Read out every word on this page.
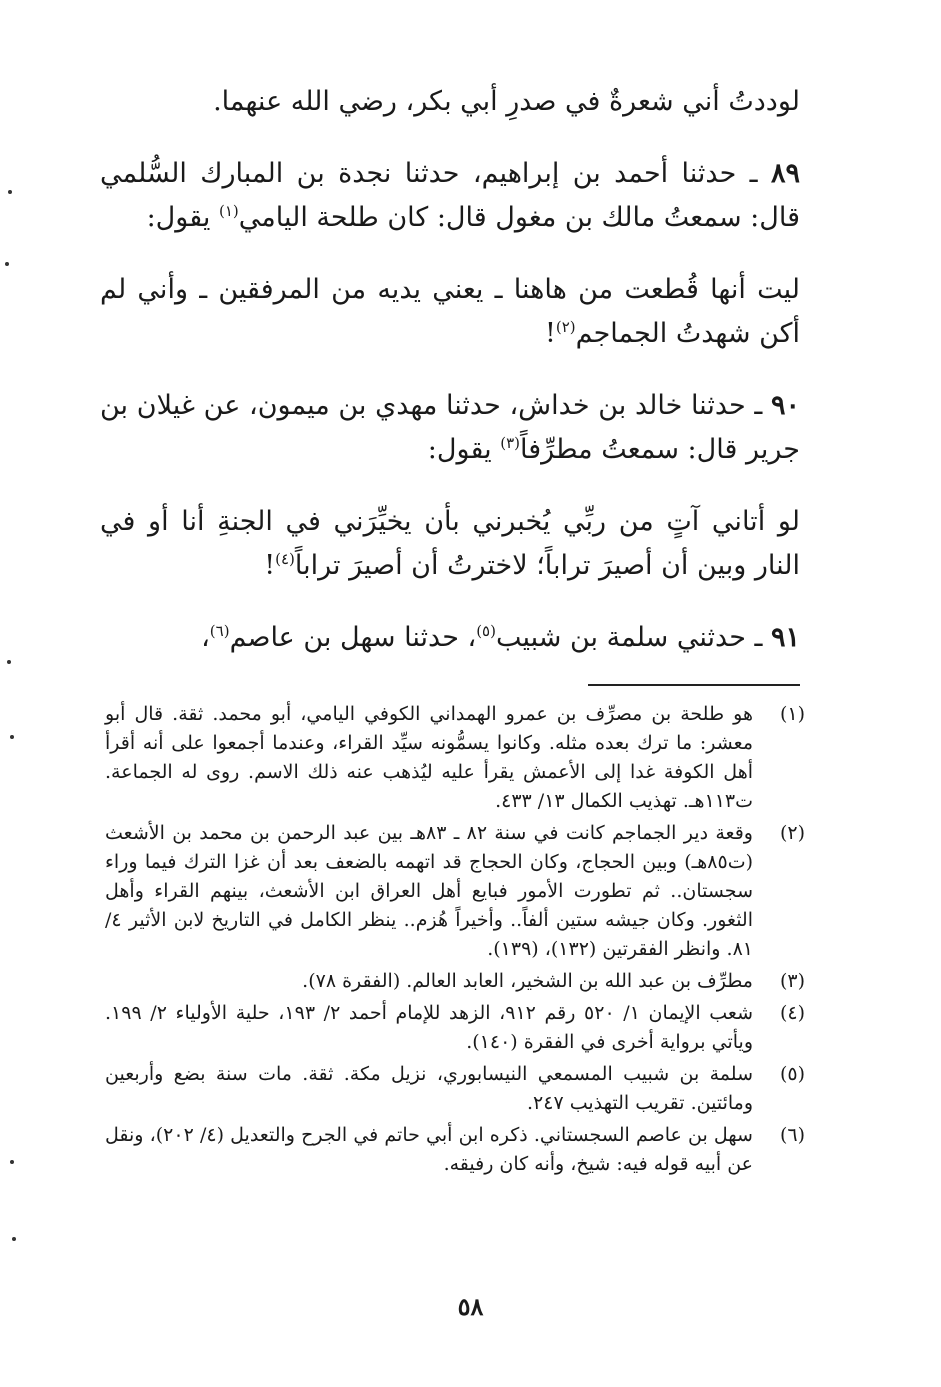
لوددتُ أني شعرةٌ في صدرِ أبي بكر، رضي الله عنهما.

٨٩ ـ حدثنا أحمد بن إبراهيم، حدثنا نجدة بن المبارك السُّلمي قال: سمعتُ مالك بن مغول قال: كان طلحة اليامي$^{(١)}$ يقول:

ليت أنها قُطعت من هاهنا ـ يعني يديه من المرفقين ـ وأني لم أكن شهدتُ الجماجم$^{(٢)}$!

٩٠ ـ حدثنا خالد بن خداش، حدثنا مهدي بن ميمون، عن غيلان بن جرير قال: سمعتُ مطرِّفاً$^{(٣)}$ يقول:

لو أتاني آتٍ من ربِّي يُخبرني بأن يخيِّرَني في الجنةِ أنا أو في النار وبين أن أصيرَ تراباً؛ لاخترتُ أن أصيرَ تراباً$^{(٤)}$!

٩١ ـ حدثني سلمة بن شبيب$^{(٥)}$، حدثنا سهل بن عاصم$^{(٦)}$،

(١)
هو طلحة بن مصرِّف بن عمرو الهمداني الكوفي اليامي، أبو محمد. ثقة. قال أبو معشر: ما ترك بعده مثله. وكانوا يسمُّونه سيِّد القراء، وعندما أجمعوا على أنه أقرأ أهل الكوفة غدا إلى الأعمش يقرأ عليه ليُذهب عنه ذلك الاسم. روى له الجماعة. ت١١٣هـ. تهذيب الكمال ١٣/ ٤٣٣.
(٢)
وقعة دير الجماجم كانت في سنة ٨٢ ـ ٨٣هـ بين عبد الرحمن بن محمد بن الأشعث (ت٨٥هـ) وبين الحجاج، وكان الحجاج قد اتهمه بالضعف بعد أن غزا الترك فيما وراء سجستان.. ثم تطورت الأمور فبايع أهل العراق ابن الأشعث، بينهم القراء وأهل الثغور. وكان جيشه ستين ألفاً.. وأخيراً هُزم.. ينظر الكامل في التاريخ لابن الأثير ٤/ ٨١. وانظر الفقرتين (١٣٢)، (١٣٩).
(٣)
مطرِّف بن عبد الله بن الشخير، العابد العالم. (الفقرة ٧٨).
(٤)
شعب الإيمان ١/ ٥٢٠ رقم ٩١٢، الزهد للإمام أحمد ٢/ ١٩٣، حلية الأولياء ٢/ ١٩٩. ويأتي برواية أخرى في الفقرة (١٤٠).
(٥)
سلمة بن شبيب المسمعي النيسابوري، نزيل مكة. ثقة. مات سنة بضع وأربعين ومائتين. تقريب التهذيب ٢٤٧.
(٦)
سهل بن عاصم السجستاني. ذكره ابن أبي حاتم في الجرح والتعديل (٤/ ٢٠٢)، ونقل عن أبيه قوله فيه: شيخ، وأنه كان رفيقه.
٥٨
